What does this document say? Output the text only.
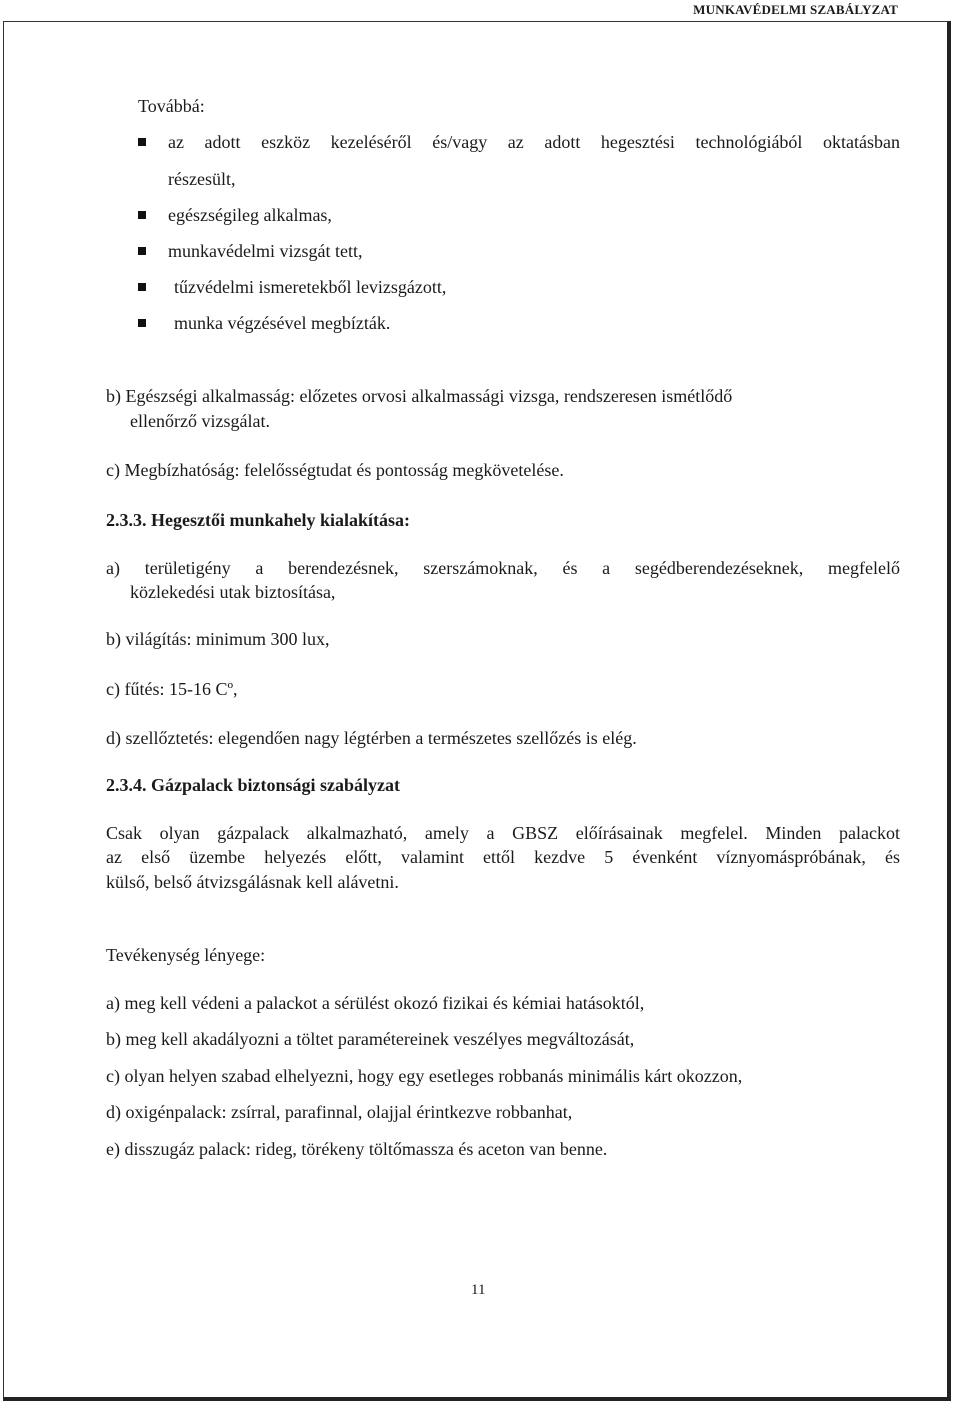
MUNKAVÉDELMI SZABÁLYZAT
Továbbá:
az adott eszköz kezeléséről és/vagy az adott hegesztési technológiából oktatásban
részesült,
egészségileg alkalmas,
munkavédelmi vizsgát tett,
tűzvédelmi ismeretekből levizsgázott,
munka végzésével megbízták.
b) Egészségi alkalmasság: előzetes orvosi alkalmassági vizsga, rendszeresen ismétlődő
ellenőrző vizsgálat.
c) Megbízhatóság: felelősségtudat és pontosság megkövetelése.
2.3.3. Hegesztői munkahely kialakítása:
a) területigény a berendezésnek, szerszámoknak, és a segédberendezéseknek, megfelelő
közlekedési utak biztosítása,
b) világítás: minimum 300 lux,
c) fűtés: 15-16 Cº,
d) szellőztetés: elegendően nagy légtérben a természetes szellőzés is elég.
2.3.4. Gázpalack biztonsági szabályzat
Csak olyan gázpalack alkalmazható, amely a GBSZ előírásainak megfelel. Minden palackot
az első üzembe helyezés előtt, valamint ettől kezdve 5 évenként víznyomáspróbának, és
külső, belső átvizsgálásnak kell alávetni.
Tevékenység lényege:
a) meg kell védeni a palackot a sérülést okozó fizikai és kémiai hatásoktól,
b) meg kell akadályozni a töltet paramétereinek veszélyes megváltozását,
c) olyan helyen szabad elhelyezni, hogy egy esetleges robbanás minimális kárt okozzon,
d) oxigénpalack: zsírral, parafinnal, olajjal érintkezve robbanhat,
e) disszugáz palack: rideg, törékeny töltőmassza és aceton van benne.
11
